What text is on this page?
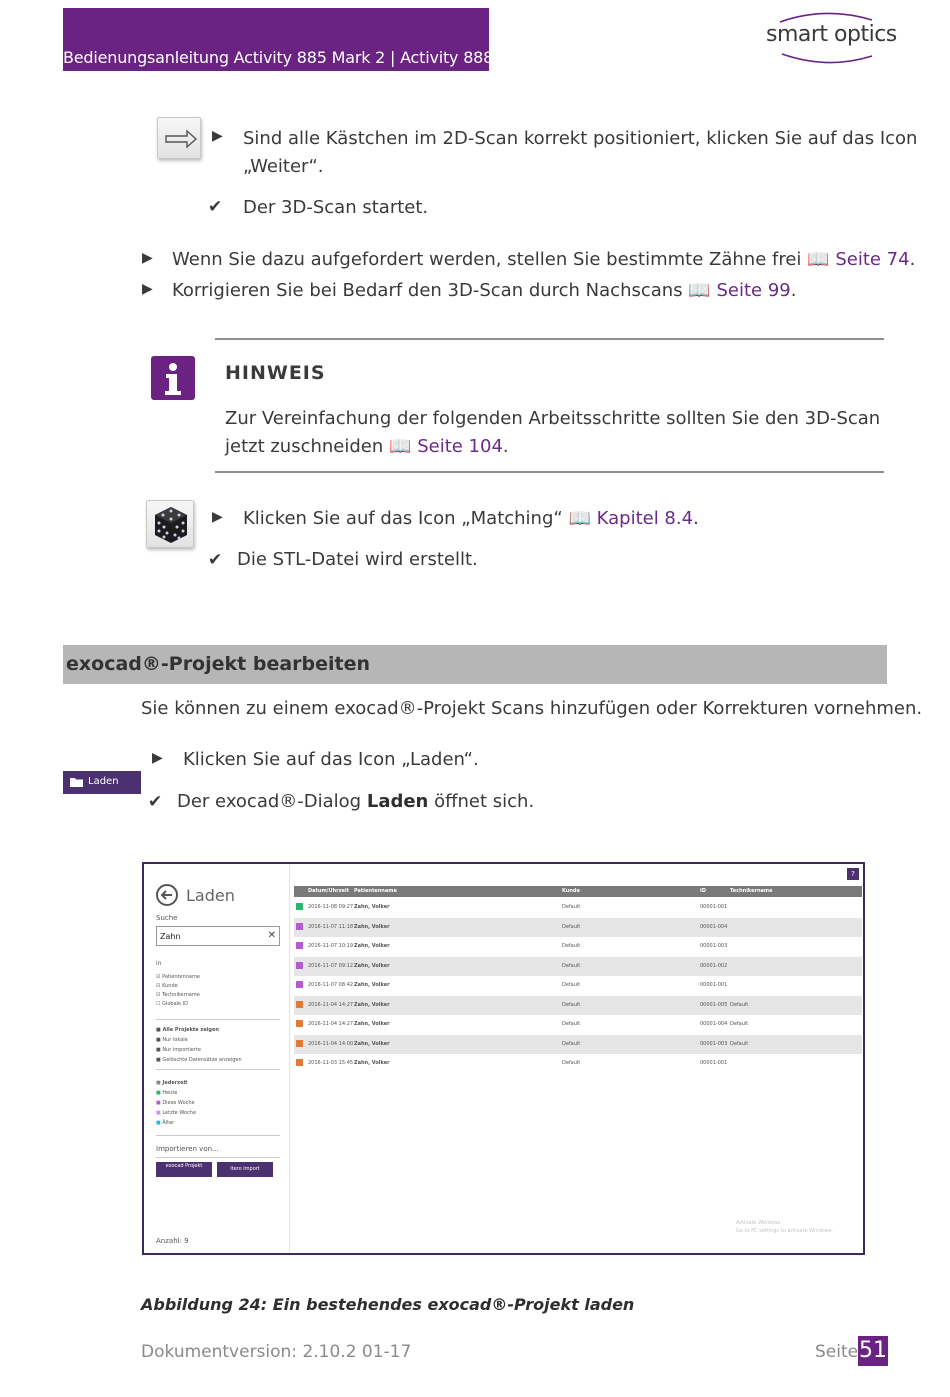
Bedienungsanleitung Activity 885 Mark 2 | Activity 888
smart optics
▶ Sind alle Kästchen im 2D-Scan korrekt positioniert, klicken Sie auf das Icon
„Weiter“.
✔ Der 3D-Scan startet.
▶ Wenn Sie dazu aufgefordert werden, stellen Sie bestimmte Zähne frei 📖 Seite 74.
▶ Korrigieren Sie bei Bedarf den 3D-Scan durch Nachscans 📖 Seite 99.
HINWEIS
Zur Vereinfachung der folgenden Arbeitsschritte sollten Sie den 3D-Scan
jetzt zuschneiden 📖 Seite 104.
▶ Klicken Sie auf das Icon „Matching“ 📖 Kapitel 8.4.
✔ Die STL-Datei wird erstellt.
exocad®-Projekt bearbeiten
Sie können zu einem exocad®-Projekt Scans hinzufügen oder Korrekturen vornehmen.
Laden
▶ Klicken Sie auf das Icon „Laden“.
✔ Der exocad®-Dialog Laden öffnet sich.
Laden
Suche
Zahn	✕
in
☑ Patientenname
☑ Kunde
☑ Technikername
☐ Globale ID
■ Alle Projekte zeigen
■ Nur lokale
■ Nur importierte
■ Gelöschte Datensätze anzeigen
■ Jederzeit
■ Heute
■ Diese Woche
■ Letzte Woche
■ Älter
Importieren von...
exocad Projekt	itero import
Anzahl: 9
?
Datum/Uhrzeit Patientenname	Kunde	ID	Technikername
2016-11-08 09:27 Zahn, Volker	Default	00001-001
2016-11-07 11:18 Zahn, Volker	Default	00001-004
2016-11-07 10:19 Zahn, Volker	Default	00001-003
2016-11-07 09:12 Zahn, Volker	Default	00001-002
2016-11-07 08:42 Zahn, Volker	Default	00001-001
2016-11-04 14:27 Zahn, Volker	Default	00001-005 Default
2016-11-04 14:27 Zahn, Volker	Default	00001-004 Default
2016-11-04 14:00 Zahn, Volker	Default	00001-003 Default
2016-11-03 15:45 Zahn, Volker	Default	00001-001
Activate Windows
Go to PC settings to activate Windows.
Abbildung 24: Ein bestehendes exocad®-Projekt laden
Dokumentversion: 2.10.2 01-17	Seite 51
